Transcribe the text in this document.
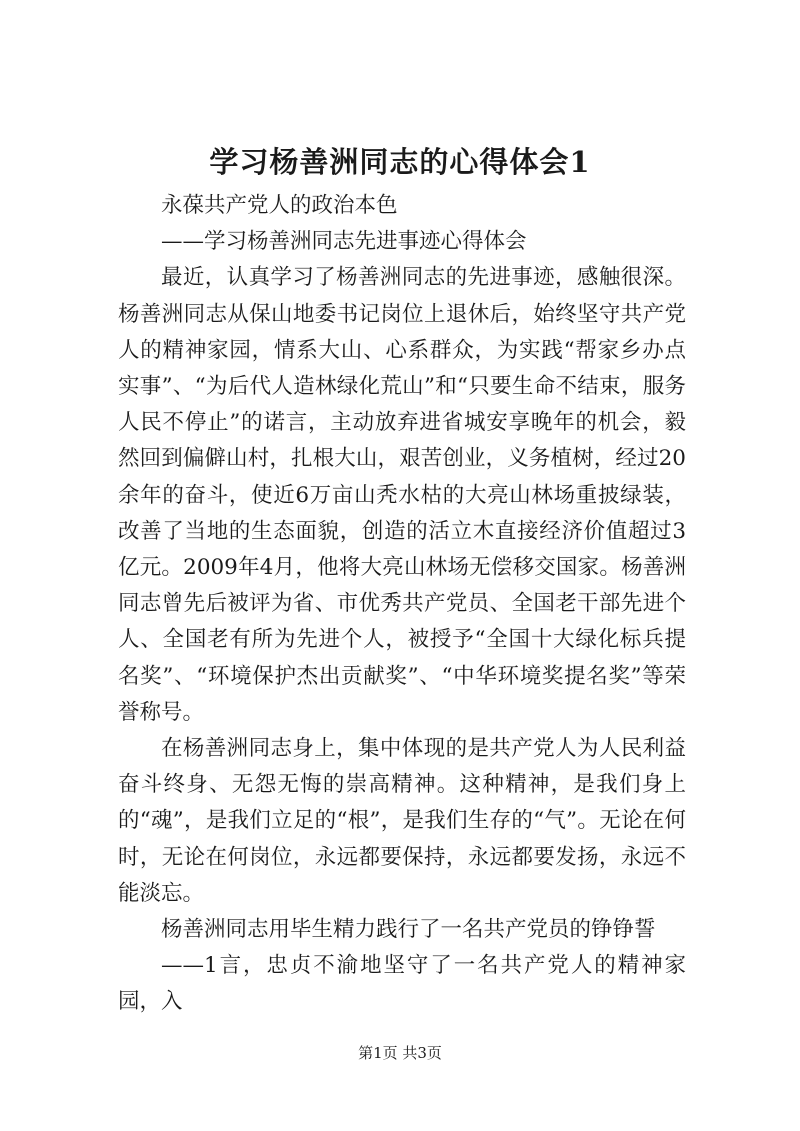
学习杨善洲同志的心得体会1

永葆共产党人的政治本色

——学习杨善洲同志先进事迹心得体会

最近，认真学习了杨善洲同志的先进事迹，感触很深。杨善洲同志从保山地委书记岗位上退休后，始终坚守共产党人的精神家园，情系大山、心系群众，为实践“帮家乡办点实事”、“为后代人造林绿化荒山”和“只要生命不结束，服务人民不停止”的诺言，主动放弃进省城安享晚年的机会，毅然回到偏僻山村，扎根大山，艰苦创业，义务植树，经过20余年的奋斗，使近6万亩山秃水枯的大亮山林场重披绿装，改善了当地的生态面貌，创造的活立木直接经济价值超过3亿元。2009年4月，他将大亮山林场无偿移交国家。杨善洲同志曾先后被评为省、市优秀共产党员、全国老干部先进个人、全国老有所为先进个人，被授予“全国十大绿化标兵提名奖”、“环境保护杰出贡献奖”、“中华环境奖提名奖”等荣誉称号。

在杨善洲同志身上，集中体现的是共产党人为人民利益奋斗终身、无怨无悔的崇高精神。这种精神，是我们身上的“魂”，是我们立足的“根”，是我们生存的“气”。无论在何时，无论在何岗位，永远都要保持，永远都要发扬，永远不能淡忘。

杨善洲同志用毕生精力践行了一名共产党员的铮铮誓

——1言，忠贞不渝地坚守了一名共产党人的精神家园，入

第1页 共3页
